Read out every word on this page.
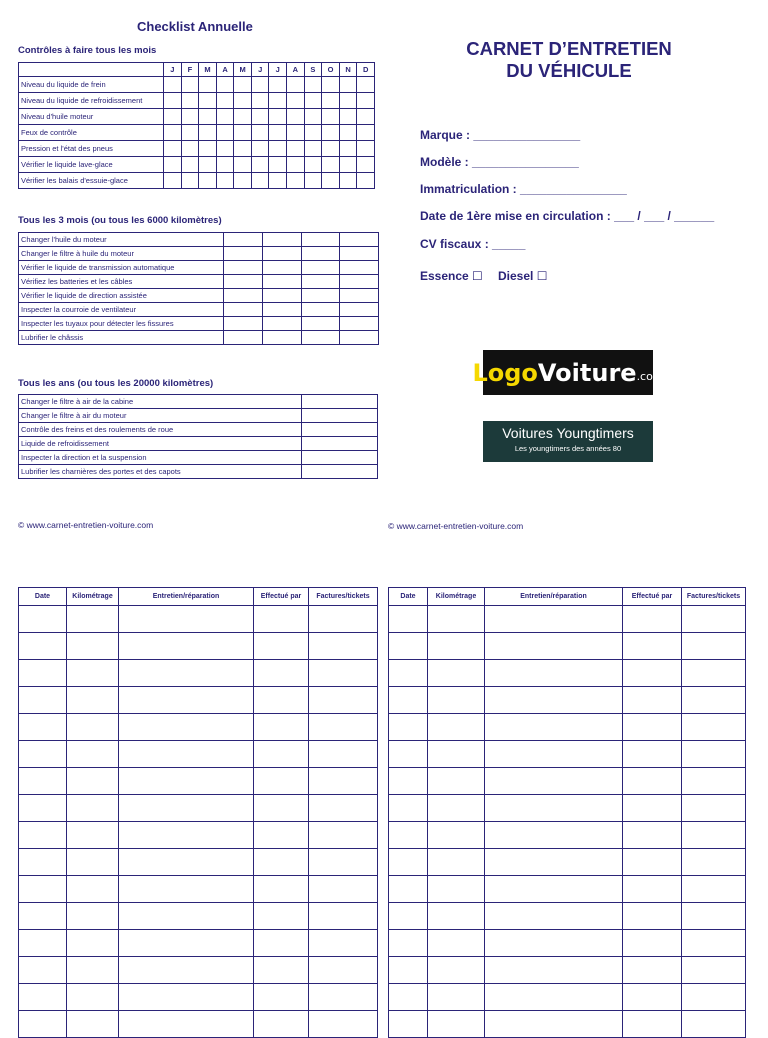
Checklist Annuelle
Contrôles à faire tous les mois
	J	F	M	A	M	J	J	A	S	O	N	D
Niveau du liquide de frein												
Niveau du liquide de refroidissement												
Niveau d'huile moteur												
Feux de contrôle												
Pression et l'état des pneus												
Vérifier le liquide lave-glace												
Vérifier les balais d'essuie-glace												
Tous les 3 mois (ou tous les 6000 kilomètres)
Changer l'huile du moteur				
Changer le filtre à huile du moteur				
Vérifier le liquide de transmission automatique				
Vérifiez les batteries et les câbles				
Vérifier le liquide de direction assistée				
Inspecter la courroie de ventilateur				
Inspecter les tuyaux pour détecter les fissures				
Lubrifier le châssis				
Tous les ans (ou tous les 20000 kilomètres)
Changer le filtre à air de la cabine	
Changer le filtre à air du moteur	
Contrôle des freins et des roulements de roue	
Liquide de refroidissement	
Inspecter la direction et la suspension	
Lubrifier les charnières des portes et des capots	
© www.carnet-entretien-voiture.com
CARNET D’ENTRETIEN
DU VÉHICULE
Marque : ________________
Modèle : ________________
Immatriculation : ________________
Date de 1ère mise en circulation : ___ / ___ / ______
CV fiscaux : _____
Essence ☐ Diesel ☐
Logo Voiture .com
Voitures Youngtimers
Les youngtimers des années 80
© www.carnet-entretien-voiture.com
Date	Kilométrage	Entretien/réparation	Effectué par	Factures/tickets

					Date	Kilométrage	Entretien/réparation	Effectué par	Factures/tickets
